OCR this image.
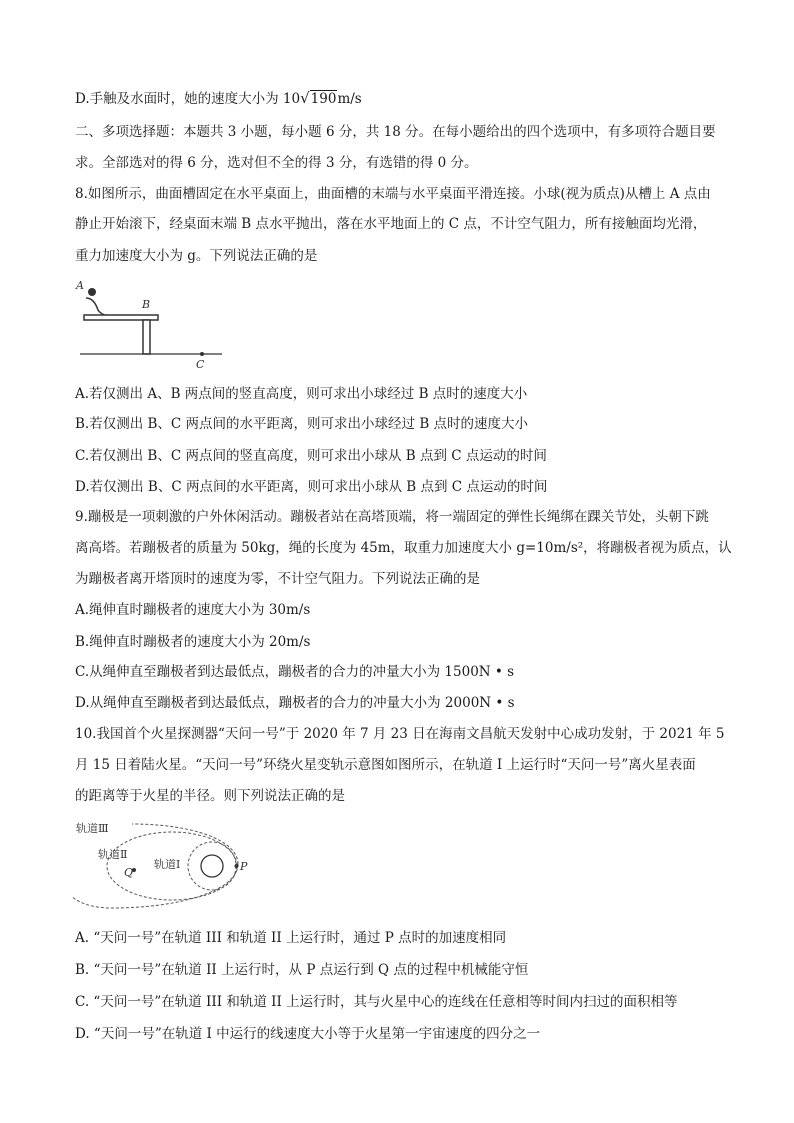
D.手触及水面时，她的速度大小为 10√190m/s
二、多项选择题：本题共 3 小题，每小题 6 分，共 18 分。在每小题给出的四个选项中，有多项符合题目要
求。全部选对的得 6 分，选对但不全的得 3 分，有选错的得 0 分。
8.如图所示，曲面槽固定在水平桌面上，曲面槽的末端与水平桌面平滑连接。小球(视为质点)从槽上 A 点由
静止开始滚下，经桌面末端 B 点水平抛出，落在水平地面上的 C 点，不计空气阻力，所有接触面均光滑，
重力加速度大小为 g。下列说法正确的是
A
B
C
A.若仅测出 A、B 两点间的竖直高度，则可求出小球经过 B 点时的速度大小
B.若仅测出 B、C 两点间的水平距离，则可求出小球经过 B 点时的速度大小
C.若仅测出 B、C 两点间的竖直高度，则可求出小球从 B 点到 C 点运动的时间
D.若仅测出 B、C 两点间的水平距离，则可求出小球从 B 点到 C 点运动的时间
9.蹦极是一项刺激的户外休闲活动。蹦极者站在高塔顶端，将一端固定的弹性长绳绑在踝关节处，头朝下跳
离高塔。若蹦极者的质量为 50kg，绳的长度为 45m，取重力加速度大小 g=10m/s²，将蹦极者视为质点，认
为蹦极者离开塔顶时的速度为零，不计空气阻力。下列说法正确的是
A.绳伸直时蹦极者的速度大小为 30m/s
B.绳伸直时蹦极者的速度大小为 20m/s
C.从绳伸直至蹦极者到达最低点，蹦极者的合力的冲量大小为 1500N • s
D.从绳伸直至蹦极者到达最低点，蹦极者的合力的冲量大小为 2000N • s
10.我国首个火星探测器“天问一号”于 2020 年 7 月 23 日在海南文昌航天发射中心成功发射，于 2021 年 5
月 15 日着陆火星。“天问一号”环绕火星变轨示意图如图所示，在轨道 I 上运行时“天问一号”离火星表面
的距离等于火星的半径。则下列说法正确的是
轨道Ⅲ
轨道Ⅱ
轨道Ⅰ
Q	P
A. “天问一号”在轨道 III 和轨道 II 上运行时，通过 P 点时的加速度相同
B. “天问一号”在轨道 II 上运行时，从 P 点运行到 Q 点的过程中机械能守恒
C. “天问一号”在轨道 III 和轨道 II 上运行时，其与火星中心的连线在任意相等时间内扫过的面积相等
D. “天问一号”在轨道 I 中运行的线速度大小等于火星第一宇宙速度的四分之一
